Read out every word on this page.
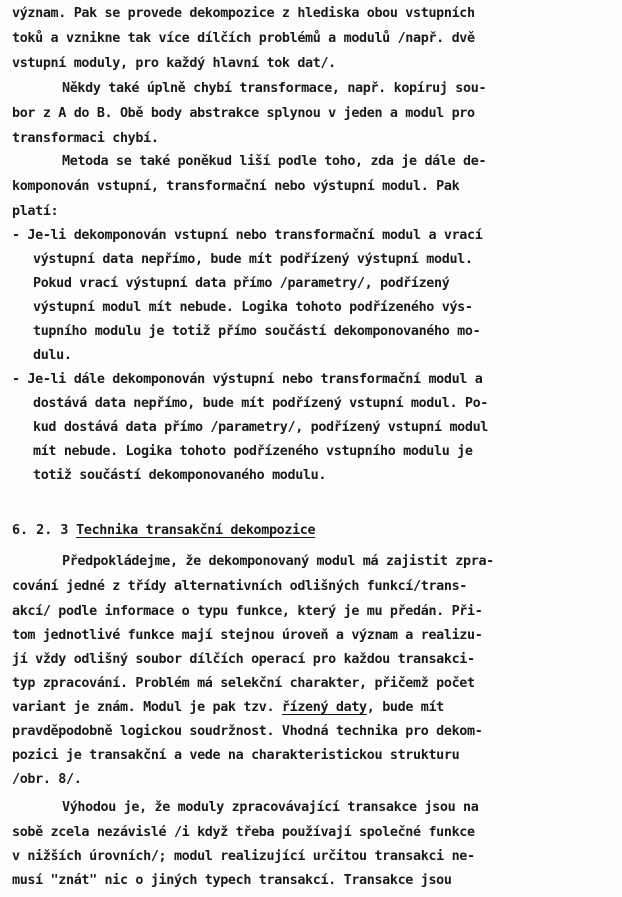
význam. Pak se provede dekompozice z hlediska obou vstupních
toků a vznikne tak více dílčích problémů a modulů /např. dvě
vstupní moduly, pro každý hlavní tok dat/.
Někdy také úplně chybí transformace, např. kopíruj sou-
bor z A do B. Obě body abstrakce splynou v jeden a modul pro
transformaci chybí.
Metoda se také poněkud liší podle toho, zda je dále de-
komponován vstupní, transformační nebo výstupní modul. Pak
platí:
- Je-li dekomponován vstupní nebo transformační modul a vrací
výstupní data nepřímo, bude mít podřízený výstupní modul.
Pokud vrací výstupní data přímo /parametry/, podřízený
výstupní modul mít nebude. Logika tohoto podřízeného výs-
tupního modulu je totiž přímo součástí dekomponovaného mo-
dulu.
- Je-li dále dekomponován výstupní nebo transformační modul a
dostává data nepřímo, bude mít podřízený vstupní modul. Po-
kud dostává data přímo /parametry/, podřízený vstupní modul
mít nebude. Logika tohoto podřízeného vstupního modulu je
totiž součástí dekomponovaného modulu.
6. 2. 3 Technika transakční dekompozice
Předpokládejme, že dekomponovaný modul má zajistit zpra-
cování jedné z třídy alternativních odlišných funkcí/trans-
akcí/ podle informace o typu funkce, který je mu předán. Při-
tom jednotlivé funkce mají stejnou úroveň a význam a realizu-
jí vždy odlišný soubor dílčích operací pro každou transakci-
typ zpracování. Problém má selekční charakter, přičemž počet
variant je znám. Modul je pak tzv. řízený daty, bude mít
pravděpodobně logickou soudržnost. Vhodná technika pro dekom-
pozici je transakční a vede na charakteristickou strukturu
/obr. 8/.
Výhodou je, že moduly zpracovávající transakce jsou na
sobě zcela nezávislé /i když třeba používají společné funkce
v nižších úrovních/; modul realizující určitou transakci ne-
musí "znát" nic o jiných typech transakcí. Transakce jsou
